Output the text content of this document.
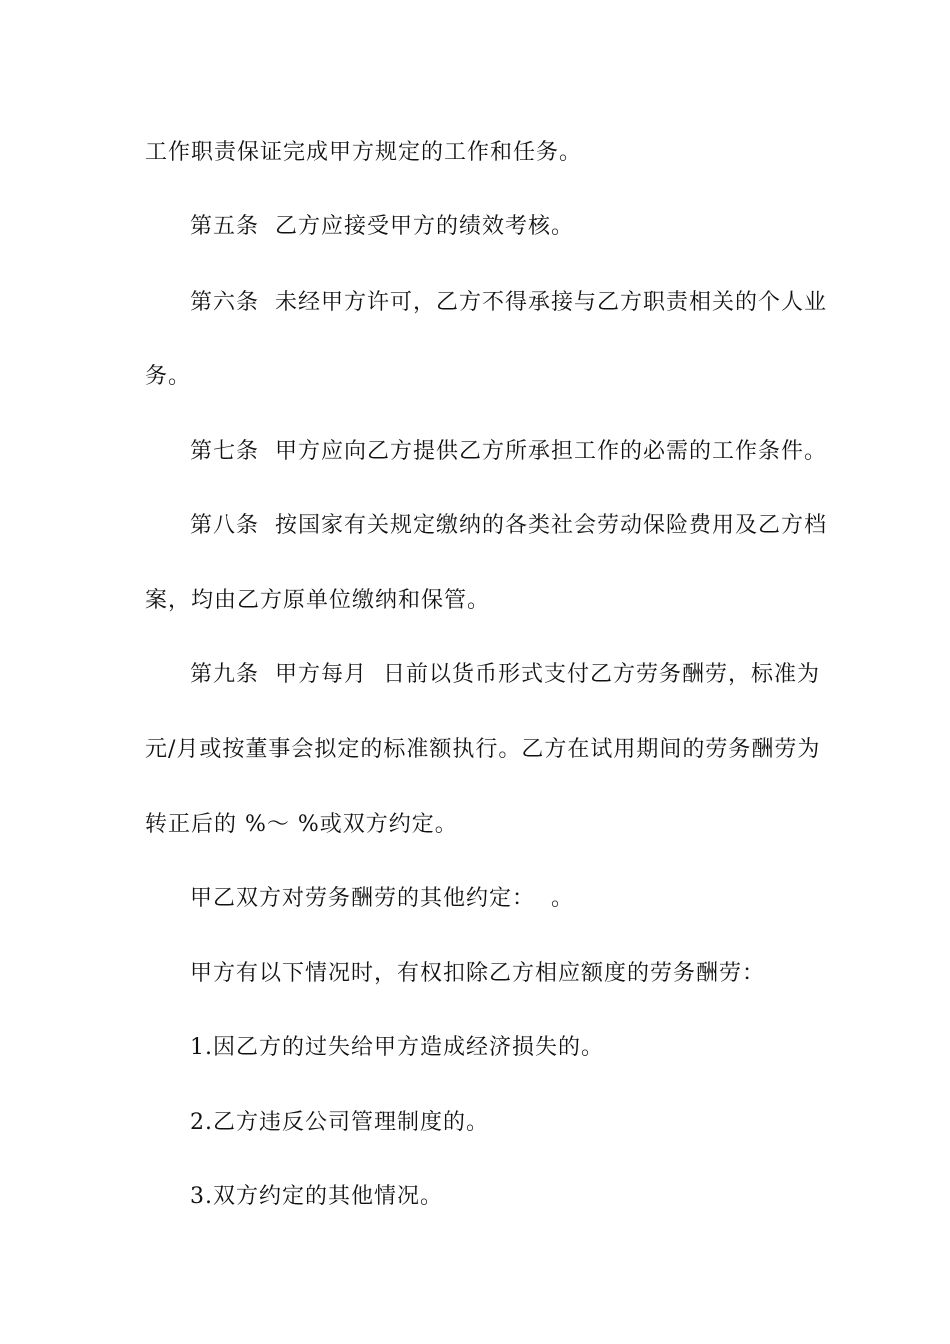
工作职责保证完成甲方规定的工作和任务。
第五条  乙方应接受甲方的绩效考核。
第六条  未经甲方许可，乙方不得承接与乙方职责相关的个人业
务。
第七条  甲方应向乙方提供乙方所承担工作的必需的工作条件。
第八条  按国家有关规定缴纳的各类社会劳动保险费用及乙方档
案，均由乙方原单位缴纳和保管。
第九条  甲方每月  日前以货币形式支付乙方劳务酬劳，标准为
元/月或按董事会拟定的标准额执行。乙方在试用期间的劳务酬劳为
转正后的 %～ %或双方约定。
甲乙双方对劳务酬劳的其他约定：  。
甲方有以下情况时，有权扣除乙方相应额度的劳务酬劳：
1.因乙方的过失给甲方造成经济损失的。
2.乙方违反公司管理制度的。
3.双方约定的其他情况。
